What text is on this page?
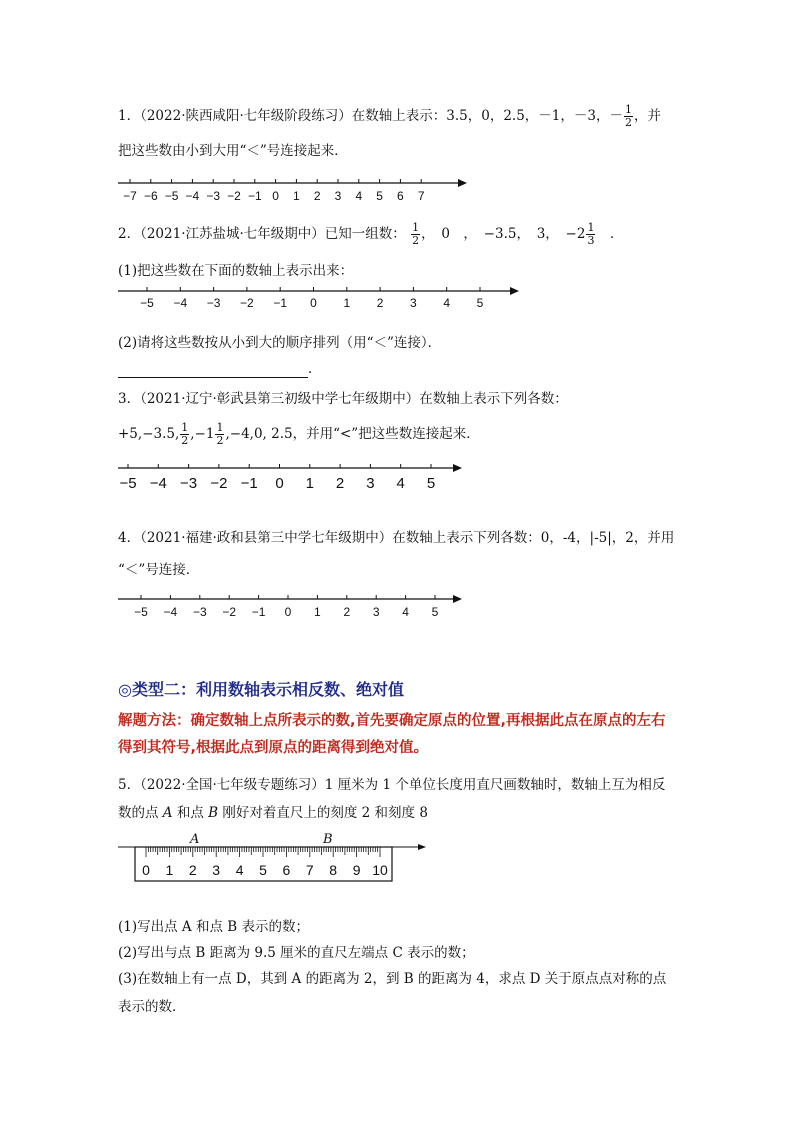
1．（2022·陕西咸阳·七年级阶段练习）在数轴上表示：3.5，0，2.5，－1，－3，－ $\frac{1}{2}$ ，并
把这些数由小到大用“＜”号连接起来．
−7 −6 −5 −4 −3 −2 −1 0 1 2 3 4 5 6 7
2．（2021·江苏盐城·七年级期中）已知一组数： $\frac{1}{2}$ ，　0　，　−3.5，　3，　$-2 \frac{1}{3}$
　 ．
(1)把这些数在下面的数轴上表示出来：
−5 −4 −3 −2 −1 0 1 2 3 4 5
(2)请将这些数按从小到大的顺序排列（用“＜”连接）．
．
3．（2021·辽宁·彰武县第三初级中学七年级期中）在数轴上表示下列各数：
+5,−3.5, $\frac{1}{2} ,-1 \frac{1}{2} ,-4,0$, 2.5，并用“<”把这些数连接起来．
−5 −4 −3 −2 −1 0 1 2 3 4 5
4．（2021·福建·政和县第三中学七年级期中）在数轴上表示下列各数：0，-4，|-5|，2，并用
“＜”号连接．
−5 −4 −3 −2 −1 0 1 2 3 4 5
◎类型二：利用数轴表示相反数、绝对值
解题方法：确定数轴上点所表示的数,首先要确定原点的位置,再根据此点在原点的左右得到其符号,根据此点到原点的距离得到绝对值。
5．（2022·全国·七年级专题练习）1 厘米为 1 个单位长度用直尺画数轴时，数轴上互为相反
数的点 A 和点 B 刚好对着直尺上的刻度 2 和刻度 8
0 1 2 3 4 5 6 7 8 9 10
A	B
(1)写出点 A 和点 B 表示的数；
(2)写出与点 B 距离为 9.5 厘米的直尺左端点 C 表示的数；
(3)在数轴上有一点 D，其到 A 的距离为 2，到 B 的距离为 4，求点 D 关于原点点对称的点
表示的数．
